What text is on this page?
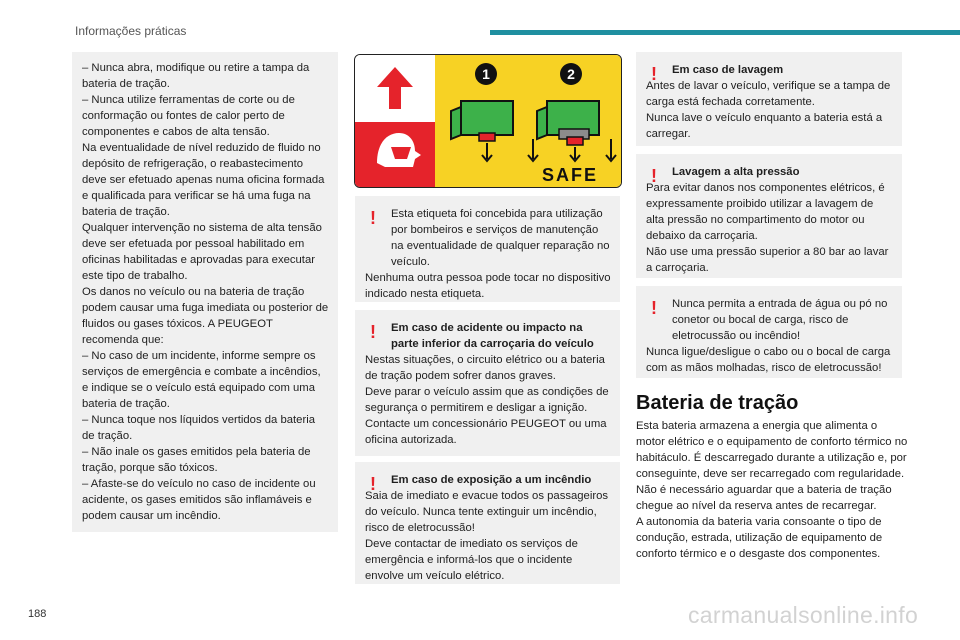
Informações práticas

– Nunca abra, modifique ou retire a tampa da bateria de tração.

– Nunca utilize ferramentas de corte ou de conformação ou fontes de calor perto de componentes e cabos de alta tensão.

Na eventualidade de nível reduzido de fluido no depósito de refrigeração, o reabastecimento deve ser efetuado apenas numa oficina formada e qualificada para verificar se há uma fuga na bateria de tração.

Qualquer intervenção no sistema de alta tensão deve ser efetuada por pessoal habilitado em oficinas habilitadas e aprovadas para executar este tipo de trabalho.

Os danos no veículo ou na bateria de tração podem causar uma fuga imediata ou posterior de fluidos ou gases tóxicos. A PEUGEOT recomenda que:

– No caso de um incidente, informe sempre os serviços de emergência e combate a incêndios, e indique se o veículo está equipado com uma bateria de tração.

– Nunca toque nos líquidos vertidos da bateria de tração.

– Não inale os gases emitidos pela bateria de tração, porque são tóxicos.

– Afaste-se do veículo no caso de incidente ou acidente, os gases emitidos são inflamáveis e podem causar um incêndio.

1	2
SAFE
!	Esta etiqueta foi concebida para utilização por bombeiros e serviços de manutenção na eventualidade de qualquer reparação no veículo.

Nenhuma outra pessoa pode tocar no dispositivo indicado nesta etiqueta.

!	Em caso de acidente ou impacto na parte inferior da carroçaria do veículo

Nestas situações, o circuito elétrico ou a bateria de tração podem sofrer danos graves.

Deve parar o veículo assim que as condições de segurança o permitirem e desligar a ignição.

Contacte um concessionário PEUGEOT ou uma oficina autorizada.

!	Em caso de exposição a um incêndio

Saia de imediato e evacue todos os passageiros do veículo. Nunca tente extinguir um incêndio, risco de eletrocussão!

Deve contactar de imediato os serviços de emergência e informá-los que o incidente envolve um veículo elétrico.

!	Em caso de lavagem

Antes de lavar o veículo, verifique se a tampa de carga está fechada corretamente.

Nunca lave o veículo enquanto a bateria está a carregar.

!	Lavagem a alta pressão

Para evitar danos nos componentes elétricos, é expressamente proibido utilizar a lavagem de alta pressão no compartimento do motor ou debaixo da carroçaria.

Não use uma pressão superior a 80 bar ao lavar a carroçaria.

!	Nunca permita a entrada de água ou pó no conetor ou bocal de carga, risco de eletrocussão ou incêndio!

Nunca ligue/desligue o cabo ou o bocal de carga com as mãos molhadas, risco de eletrocussão!

Bateria de tração

Esta bateria armazena a energia que alimenta o motor elétrico e o equipamento de conforto térmico no habitáculo. É descarregado durante a utilização e, por conseguinte, deve ser recarregado com regularidade. Não é necessário aguardar que a bateria de tração chegue ao nível da reserva antes de recarregar.

A autonomia da bateria varia consoante o tipo de condução, estrada, utilização de equipamento de conforto térmico e o desgaste dos componentes.

188	carmanualsonline.info
